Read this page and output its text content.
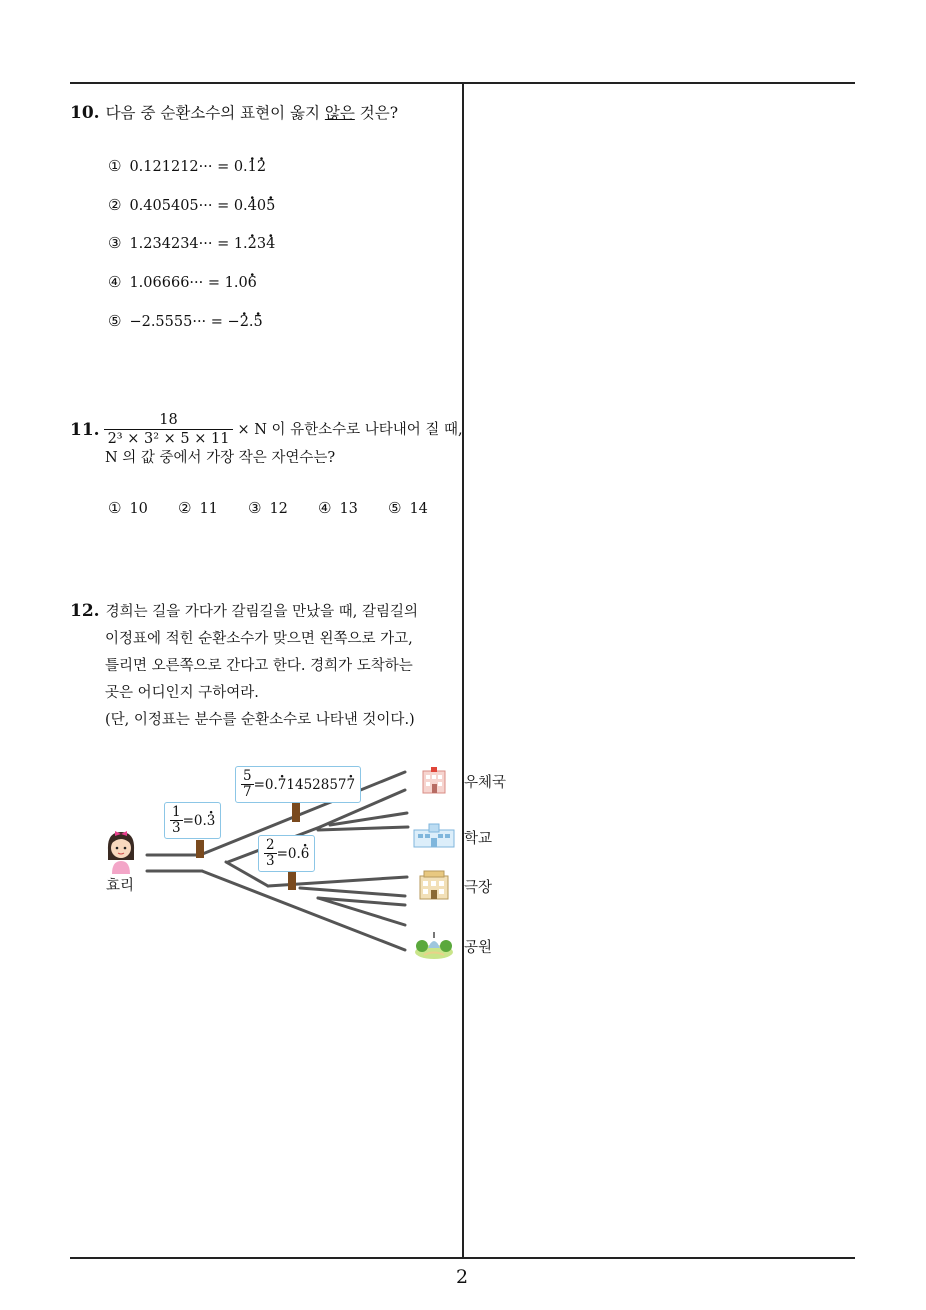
10. 다음 중 순환소수의 표현이 옳지 않은 것은?
① 0.121212··· = 0.1 ·2 ·
② 0.405405··· = 0.4 ·05 ·
③ 1.234234··· = 1.2 ·34 ·
④ 1.06666··· = 1.06 ·
⑤ −2.5555··· = −2 ·.5 ·
11. $\frac{18}{\text{2³ × 3² × 5 × 11}} \times N$ 이 유한소수로 나타내어 질 때,
N 의 값 중에서 가장 작은 자연수는?
① 10 ② 11 ③ 12 ④ 13 ⑤ 14
12. 경희는 길을 가다가 갈림길을 만났을 때, 갈림길의
이정표에 적힌 순환소수가 맞으면 왼쪽으로 가고,
틀리면 오른쪽으로 간다고 한다. 경희가 도착하는
곳은 어디인지 구하여라.
(단, 이정표는 분수를 순환소수로 나타낸 것이다.)
$\frac{1}{3} =0$. 3 ·
$\frac{5}{7} =0$. 7 · 1452857 7 ·
$\frac{2}{3} =0$. 6 ·
효리
우체국
학교
극장
공원
2
